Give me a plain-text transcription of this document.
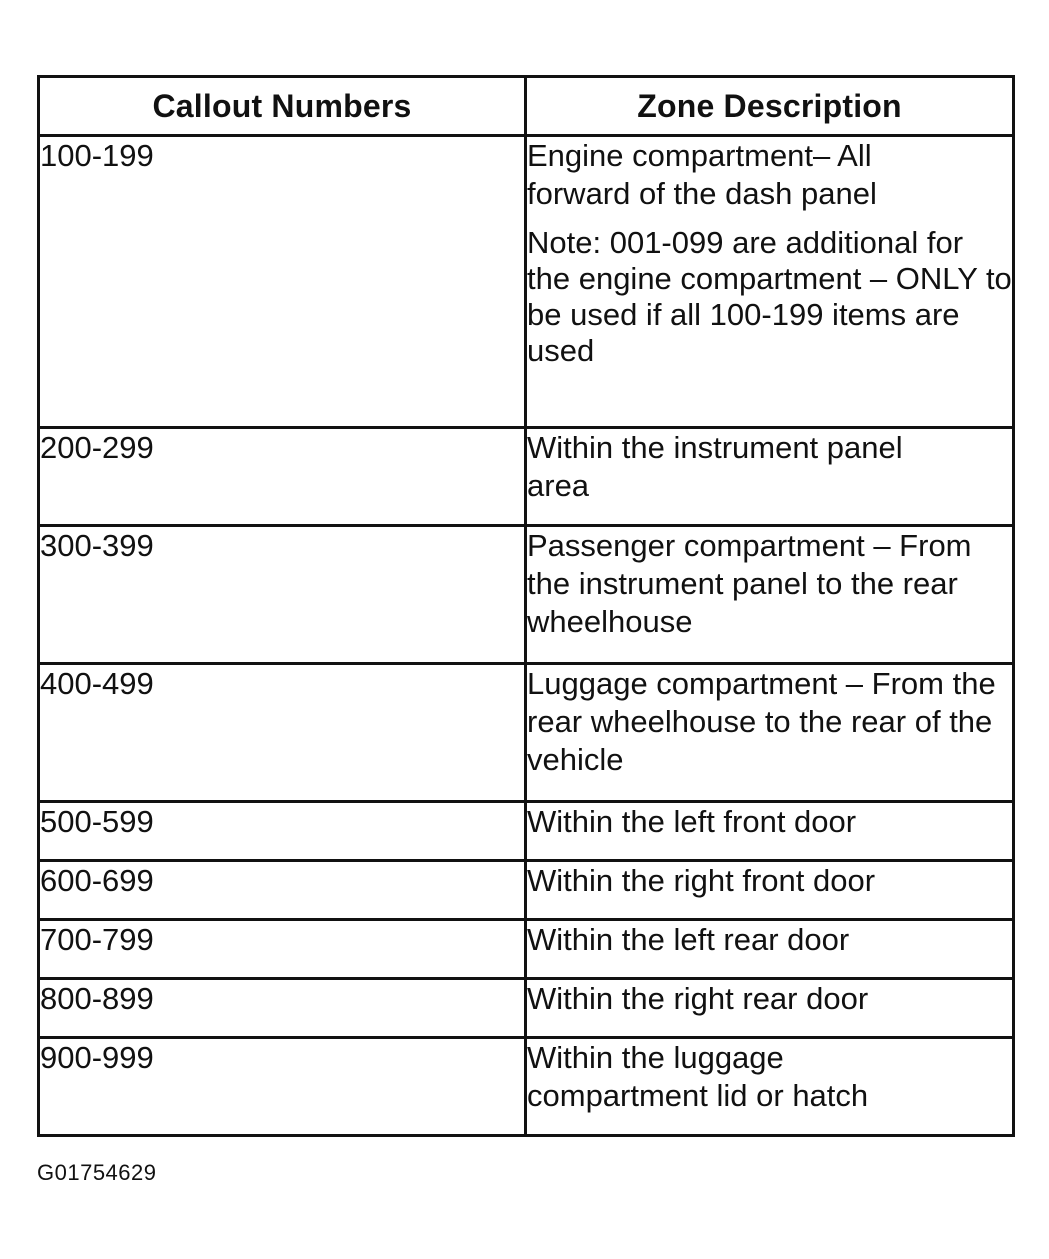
Callout Numbers	Zone Description
100-199	Engine compartment– All forward of the dash panel

Note: 001-099 are additional for the engine compartment – ONLY to be used if all 100-199 items are used

200-299	Within the instrument panel area
300-399	Passenger compartment – From the instrument panel to the rear wheelhouse
400-499	Luggage compartment – From the rear wheelhouse to the rear of the vehicle
500-599	Within the left front door
600-699	Within the right front door
700-799	Within the left rear door
800-899	Within the right rear door
900-999	Within the luggage compartment lid or hatch
G01754629
